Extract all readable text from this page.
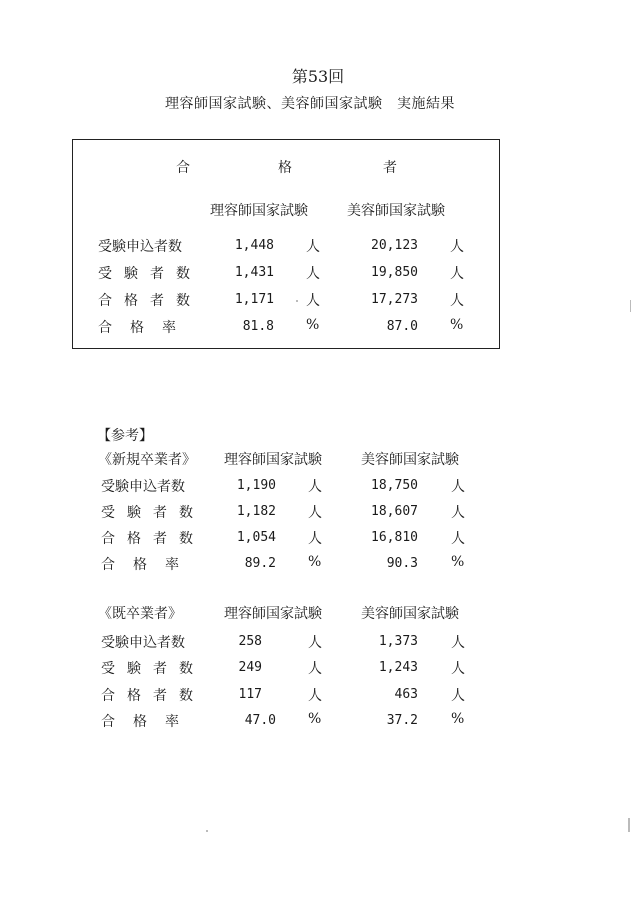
第53回
理容師国家試験、美容師国家試験　実施結果
合	格	者
理容師国家試験	美容師国家試験
受験申込者数	1,448 人	20,123 人
受 験 者 数	1,431 人	19,850 人
合 格 者 数	1,171 人	17,273 人
合 格 率	81.8 %	87.0 %
【参考】
《新規卒業者》 理容師国家試験	美容師国家試験
受験申込者数	1,190 人	18,750 人
受 験 者 数	1,182 人	18,607 人
合 格 者 数	1,054 人	16,810 人
合 格 率	89.2 %	90.3 %
《既卒業者》	理容師国家試験	美容師国家試験
受験申込者数	258	人	1,373 人
受 験 者 数	249	人	1,243 人
合 格 者 数	117	人	463 人
合 格 率	47.0 %	37.2 %
